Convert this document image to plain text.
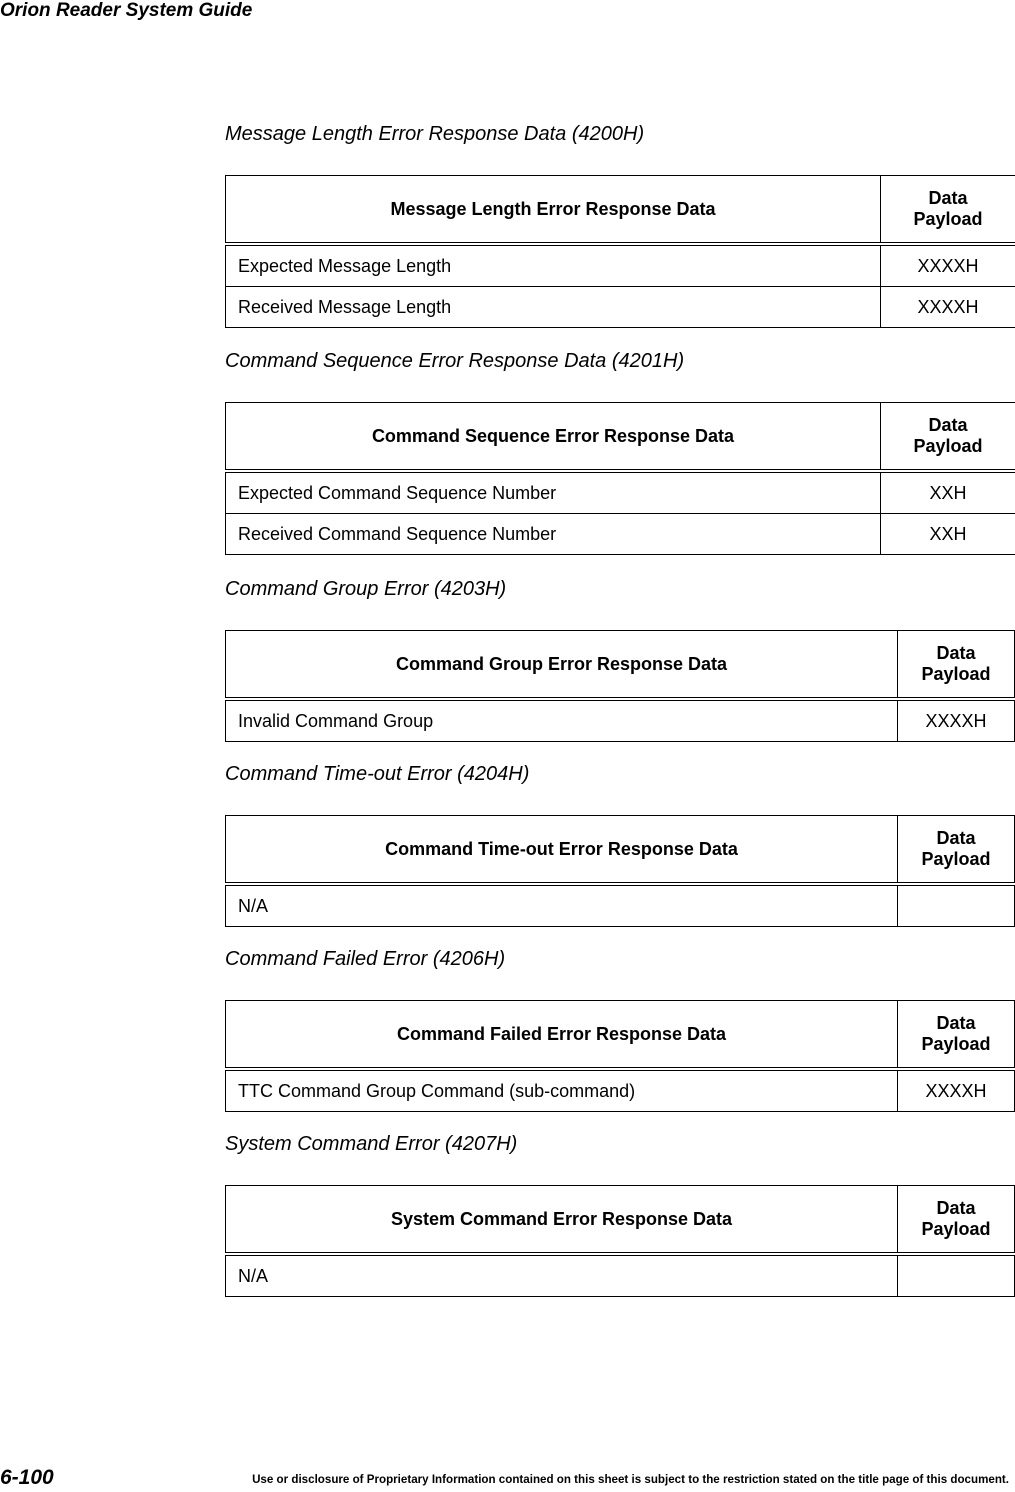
Orion Reader System Guide
Message Length Error Response Data (4200H)
Message Length Error Response Data	Data
Payload
Expected Message Length	XXXXH
Received Message Length	XXXXH
Command Sequence Error Response Data (4201H)
Command Sequence Error Response Data	Data
Payload
Expected Command Sequence Number	XXH
Received Command Sequence Number	XXH
Command Group Error (4203H)
Command Group Error Response Data	Data
Payload
Invalid Command Group	XXXXH
Command Time-out Error (4204H)
Command Time-out Error Response Data	Data
Payload
N/A	
Command Failed Error (4206H)
Command Failed Error Response Data	Data
Payload
TTC Command Group Command (sub-command)	XXXXH
System Command Error (4207H)
System Command Error Response Data	Data
Payload
N/A	
6-100	Use or disclosure of Proprietary Information contained on this sheet is subject to the restriction stated on the title page of this document.
